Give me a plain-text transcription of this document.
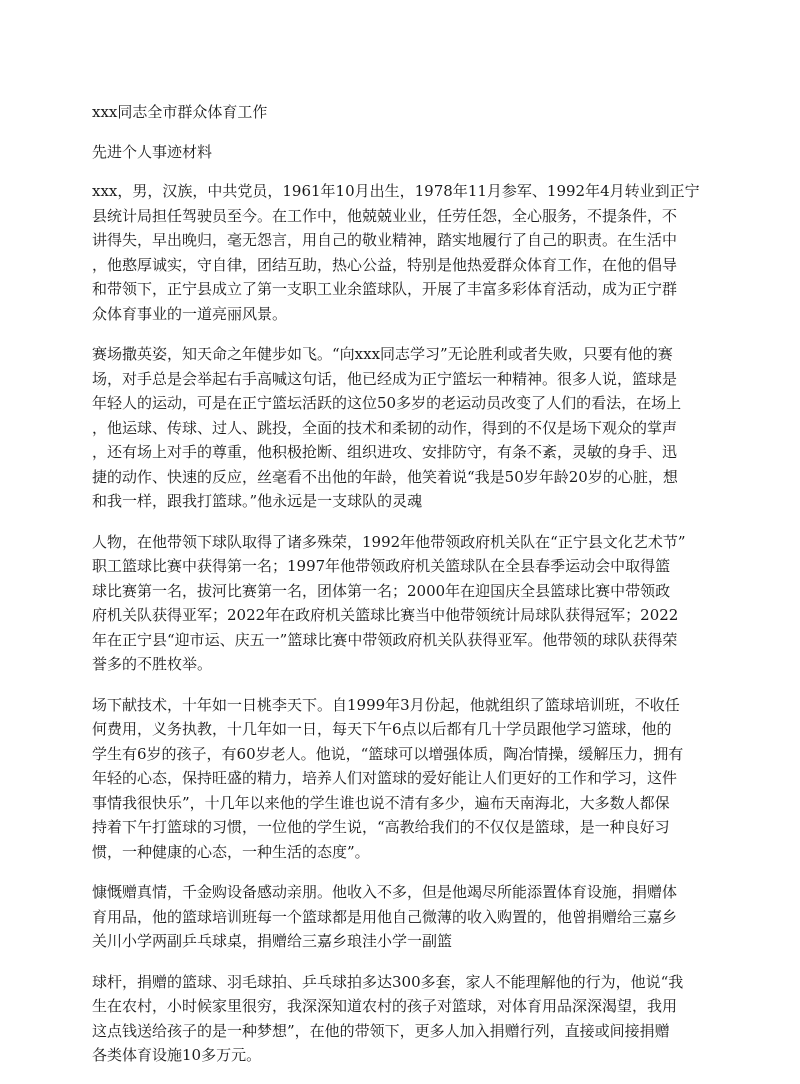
xxx同志全市群众体育工作

先进个人事迹材料

xxx，男，汉族，中共党员，1961年10月出生，1978年11月参军、1992年4月转业到正宁

县统计局担任驾驶员至今。在工作中，他兢兢业业，任劳任怨，全心服务，不提条件，不

讲得失，早出晚归，毫无怨言，用自己的敬业精神，踏实地履行了自己的职责。在生活中

，他憨厚诚实，守自律，团结互助，热心公益，特别是他热爱群众体育工作，在他的倡导

和带领下，正宁县成立了第一支职工业余篮球队，开展了丰富多彩体育活动，成为正宁群

众体育事业的一道亮丽风景。

赛场撒英姿，知天命之年健步如飞。“向xxx同志学习”无论胜利或者失败，只要有他的赛

场，对手总是会举起右手高喊这句话，他已经成为正宁篮坛一种精神。很多人说，篮球是

年轻人的运动，可是在正宁篮坛活跃的这位50多岁的老运动员改变了人们的看法，在场上

，他运球、传球、过人、跳投，全面的技术和柔韧的动作，得到的不仅是场下观众的掌声

，还有场上对手的尊重，他积极抢断、组织进攻、安排防守，有条不紊，灵敏的身手、迅

捷的动作、快速的反应，丝毫看不出他的年龄，他笑着说“我是50岁年龄20岁的心脏，想

和我一样，跟我打篮球。”他永远是一支球队的灵魂

人物，在他带领下球队取得了诸多殊荣，1992年他带领政府机关队在“正宁县文化艺术节”

职工篮球比赛中获得第一名；1997年他带领政府机关篮球队在全县春季运动会中取得篮

球比赛第一名，拔河比赛第一名，团体第一名；2000年在迎国庆全县篮球比赛中带领政

府机关队获得亚军；2022年在政府机关篮球比赛当中他带领统计局球队获得冠军；2022

年在正宁县“迎市运、庆五一”篮球比赛中带领政府机关队获得亚军。他带领的球队获得荣

誉多的不胜枚举。

场下献技术，十年如一日桃李天下。自1999年3月份起，他就组织了篮球培训班，不收任

何费用，义务执教，十几年如一日，每天下午6点以后都有几十学员跟他学习篮球，他的

学生有6岁的孩子，有60岁老人。他说，“篮球可以增强体质，陶冶情操，缓解压力，拥有

年轻的心态，保持旺盛的精力，培养人们对篮球的爱好能让人们更好的工作和学习，这件

事情我很快乐”，十几年以来他的学生谁也说不清有多少，遍布天南海北，大多数人都保

持着下午打篮球的习惯，一位他的学生说，“高教给我们的不仅仅是篮球，是一种良好习

惯，一种健康的心态，一种生活的态度”。

慷慨赠真情，千金购设备感动亲朋。他收入不多，但是他竭尽所能添置体育设施，捐赠体

育用品，他的篮球培训班每一个篮球都是用他自己微薄的收入购置的，他曾捐赠给三嘉乡

关川小学两副乒乓球桌，捐赠给三嘉乡琅洼小学一副篮

球杆，捐赠的篮球、羽毛球拍、乒乓球拍多达300多套，家人不能理解他的行为，他说“我

生在农村，小时候家里很穷，我深深知道农村的孩子对篮球，对体育用品深深渴望，我用

这点钱送给孩子的是一种梦想”，在他的带领下，更多人加入捐赠行列，直接或间接捐赠

各类体育设施10多万元。
